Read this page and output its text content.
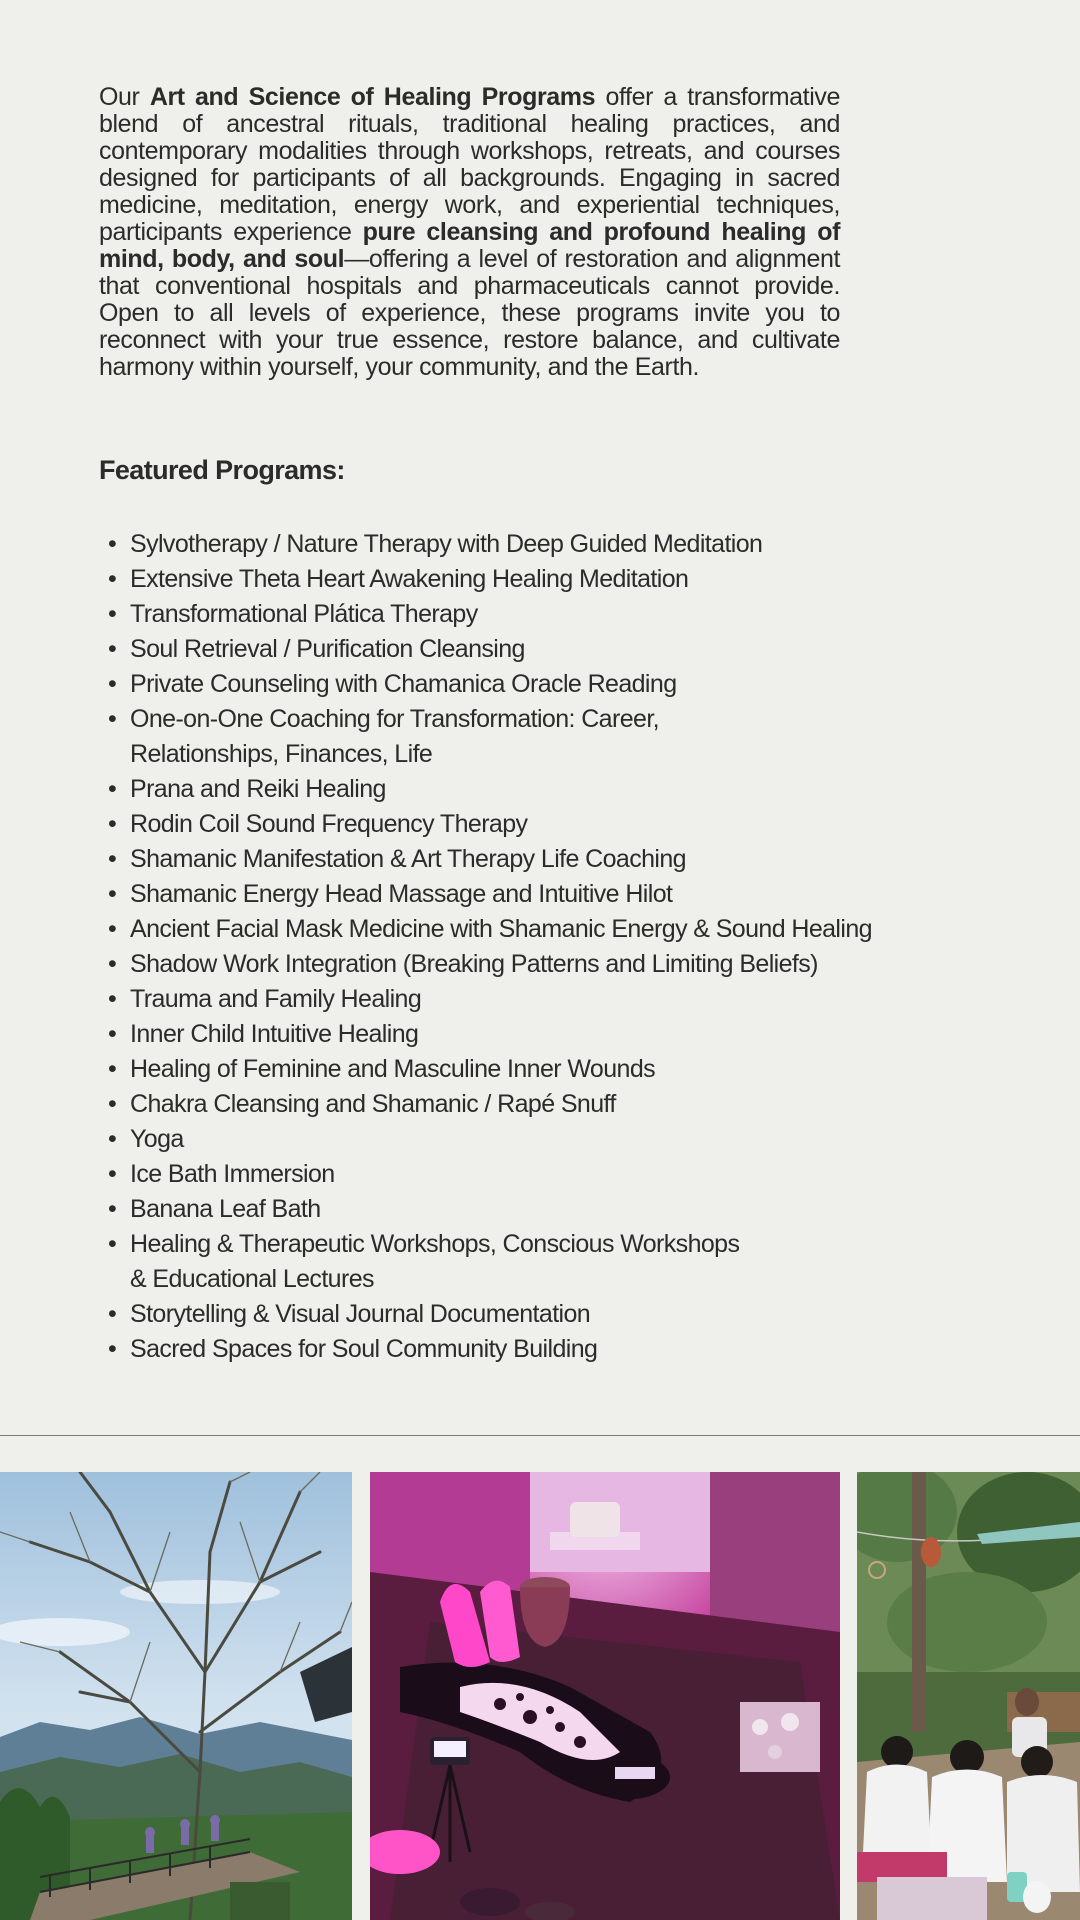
Our Art and Science of Healing Programs offer a transformative blend of ancestral rituals, traditional healing practices, and contemporary modalities through workshops, retreats, and courses designed for participants of all backgrounds. Engaging in sacred medicine, meditation, energy work, and experiential techniques, participants experience pure cleansing and profound healing of mind, body, and soul—offering a level of restoration and alignment that conventional hospitals and pharmaceuticals cannot provide. Open to all levels of experience, these programs invite you to reconnect with your true essence, restore balance, and cultivate harmony within yourself, your community, and the Earth.
Featured Programs:
• Sylvotherapy / Nature Therapy with Deep Guided Meditation
• Extensive Theta Heart Awakening Healing Meditation
• Transformational Plática Therapy
• Soul Retrieval / Purification Cleansing
• Private Counseling with Chamanica Oracle Reading
• One-on-One Coaching for Transformation: Career, Relationships, Finances, Life
• Prana and Reiki Healing
• Rodin Coil Sound Frequency Therapy
• Shamanic Manifestation & Art Therapy Life Coaching
• Shamanic Energy Head Massage and Intuitive Hilot
• Ancient Facial Mask Medicine with Shamanic Energy & Sound Healing
• Shadow Work Integration (Breaking Patterns and Limiting Beliefs)
• Trauma and Family Healing
• Inner Child Intuitive Healing
• Healing of Feminine and Masculine Inner Wounds
• Chakra Cleansing and Shamanic / Rapé Snuff
• Yoga
• Ice Bath Immersion
• Banana Leaf Bath
• Healing & Therapeutic Workshops, Conscious Workshops & Educational Lectures
• Storytelling & Visual Journal Documentation
• Sacred Spaces for Soul Community Building
